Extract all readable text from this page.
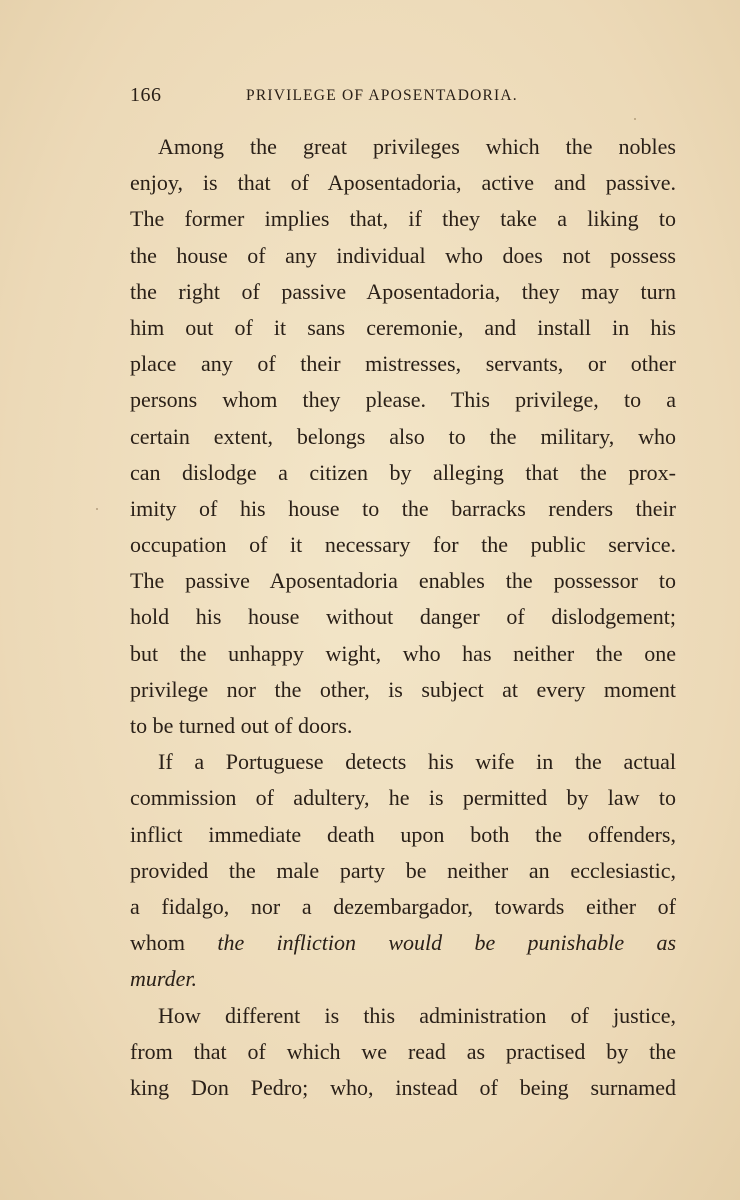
166	PRIVILEGE OF APOSENTADORIA.
Among the great privileges which the nobles
enjoy, is that of Aposentadoria, active and passive.
The former implies that, if they take a liking to
the house of any individual who does not possess
the right of passive Aposentadoria, they may turn
him out of it sans ceremonie, and install in his
place any of their mistresses, servants, or other
persons whom they please. This privilege, to a
certain extent, belongs also to the military, who
can dislodge a citizen by alleging that the prox-
imity of his house to the barracks renders their
occupation of it necessary for the public service.
The passive Aposentadoria enables the possessor to
hold his house without danger of dislodgement;
but the unhappy wight, who has neither the one
privilege nor the other, is subject at every moment
to be turned out of doors.
If a Portuguese detects his wife in the actual
commission of adultery, he is permitted by law to
inflict immediate death upon both the offenders,
provided the male party be neither an ecclesiastic,
a fidalgo, nor a dezembargador, towards either of
whom the infliction would be punishable as
murder.
How different is this administration of justice,
from that of which we read as practised by the
king Don Pedro; who, instead of being surnamed
